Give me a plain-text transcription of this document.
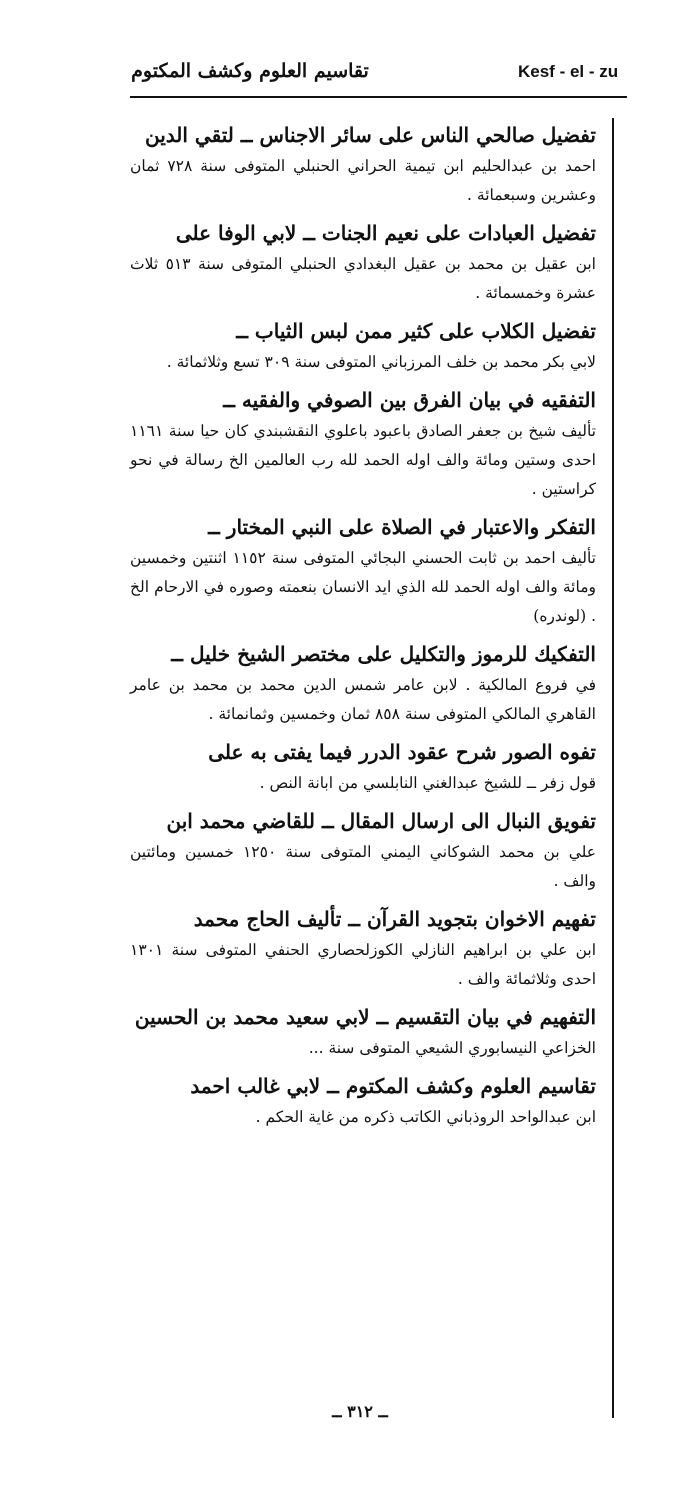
تقاسيم العلوم وكشف المكتوم	Kesf - el - zu

تفضيل صالحي الناس على سائر الاجناس ــ لتقي الدين

احمد بن عبدالحليم ابن تيمية الحراني الحنبلي المتوفى سنة ٧٢٨ ثمان وعشرين وسبعمائة .

تفضيل العبادات على نعيم الجنات ــ لابي الوفا على

ابن عقيل بن محمد بن عقيل البغدادي الحنبلي المتوفى سنة ٥١٣ ثلاث عشرة وخمسمائة .

تفضيل الكلاب على كثير ممن لبس الثياب ــ

لابي بكر محمد بن خلف المرزباني المتوفى سنة ٣٠٩ تسع وثلاثمائة .

التفقيه في بيان الفرق بين الصوفي والفقيه ــ

تأليف شيخ بن جعفر الصادق باعبود باعلوي النقشبندي كان حيا سنة ١١٦١ احدى وستين ومائة والف اوله الحمد لله رب العالمين الخ رسالة في نحو كراستين .

التفكر والاعتبار في الصلاة على النبي المختار ــ

تأليف احمد بن ثابت الحسني البجائي المتوفى سنة ١١٥٢ اثنتين وخمسين ومائة والف اوله الحمد لله الذي ايد الانسان بنعمته وصوره في الارحام الخ . (لوندره)

التفكيك للرموز والتكليل على مختصر الشيخ خليل ــ

في فروع المالكية . لابن عامر شمس الدين محمد بن محمد بن عامر القاهري المالكي المتوفى سنة ٨٥٨ ثمان وخمسين وثمانمائة .

تفوه الصور شرح عقود الدرر فيما يفتى به على

قول زفر ــ للشيخ عبدالغني النابلسي من ابانة النص .

تفويق النبال الى ارسال المقال ــ للقاضي محمد ابن

علي بن محمد الشوكاني اليمني المتوفى سنة ١٢٥٠ خمسين ومائتين والف .

تفهيم الاخوان بتجويد القرآن ــ تأليف الحاج محمد

ابن علي بن ابراهيم النازلي الكوزلحصاري الحنفي المتوفى سنة ١٣٠١ احدى وثلاثمائة والف .

التفهيم في بيان التقسيم ــ لابي سعيد محمد بن الحسين

الخزاعي النيسابوري الشيعي المتوفى سنة ...

تقاسيم العلوم وكشف المكتوم ــ لابي غالب احمد

ابن عبدالواحد الروذباني الكاتب ذكره من غاية الحكم .

ــ ٣١٢ ــ
